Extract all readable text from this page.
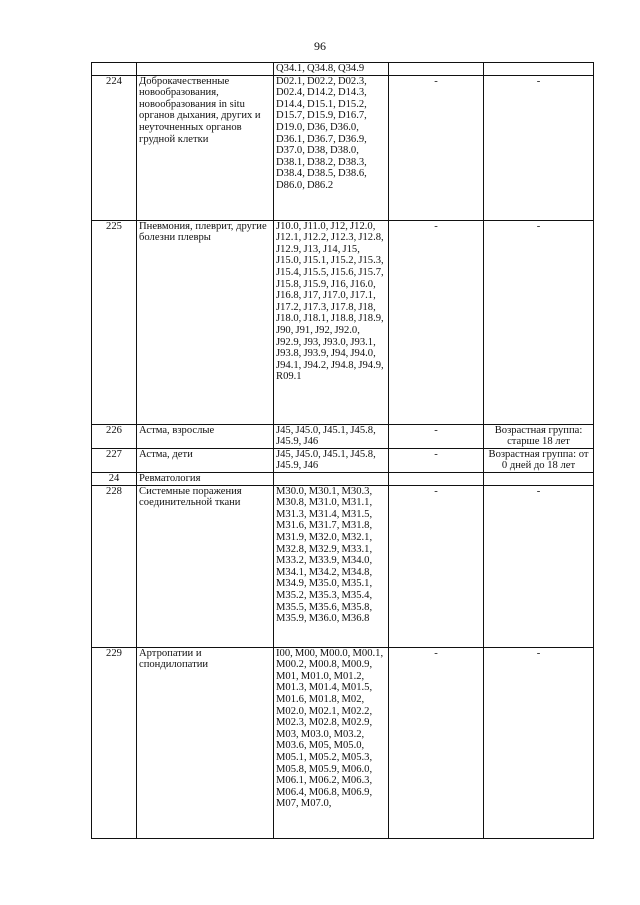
96
		Q34.1, Q34.8, Q34.9		
224	Доброкачественные новообразования, новообразования in situ органов дыхания, других и неуточненных органов грудной клетки	D02.1, D02.2, D02.3, D02.4, D14.2, D14.3, D14.4, D15.1, D15.2, D15.7, D15.9, D16.7, D19.0, D36, D36.0, D36.1, D36.7, D36.9, D37.0, D38, D38.0, D38.1, D38.2, D38.3, D38.4, D38.5, D38.6, D86.0, D86.2	-	-
225	Пневмония, плеврит, другие болезни плевры	J10.0, J11.0, J12, J12.0, J12.1, J12.2, J12.3, J12.8, J12.9, J13, J14, J15, J15.0, J15.1, J15.2, J15.3, J15.4, J15.5, J15.6, J15.7, J15.8, J15.9, J16, J16.0, J16.8, J17, J17.0, J17.1, J17.2, J17.3, J17.8, J18, J18.0, J18.1, J18.8, J18.9, J90, J91, J92, J92.0, J92.9, J93, J93.0, J93.1, J93.8, J93.9, J94, J94.0, J94.1, J94.2, J94.8, J94.9, R09.1	-	-
226	Астма, взрослые	J45, J45.0, J45.1, J45.8, J45.9, J46	-	Возрастная группа: старше 18 лет
227	Астма, дети	J45, J45.0, J45.1, J45.8, J45.9, J46	-	Возрастная группа: от 0 дней до 18 лет
24	Ревматология			
228	Системные поражения соединительной ткани	M30.0, M30.1, M30.3, M30.8, M31.0, M31.1, M31.3, M31.4, M31.5, M31.6, M31.7, M31.8, M31.9, M32.0, M32.1, M32.8, M32.9, M33.1, M33.2, M33.9, M34.0, M34.1, M34.2, M34.8, M34.9, M35.0, M35.1, M35.2, M35.3, M35.4, M35.5, M35.6, M35.8, M35.9, M36.0, M36.8	-	-
229	Артропатии и спондилопатии	I00, M00, M00.0, M00.1, M00.2, M00.8, M00.9, M01, M01.0, M01.2, M01.3, M01.4, M01.5, M01.6, M01.8, M02, M02.0, M02.1, M02.2, M02.3, M02.8, M02.9, M03, M03.0, M03.2, M03.6, M05, M05.0, M05.1, M05.2, M05.3, M05.8, M05.9, M06.0, M06.1, M06.2, M06.3, M06.4, M06.8, M06.9, M07, M07.0,	-	-
